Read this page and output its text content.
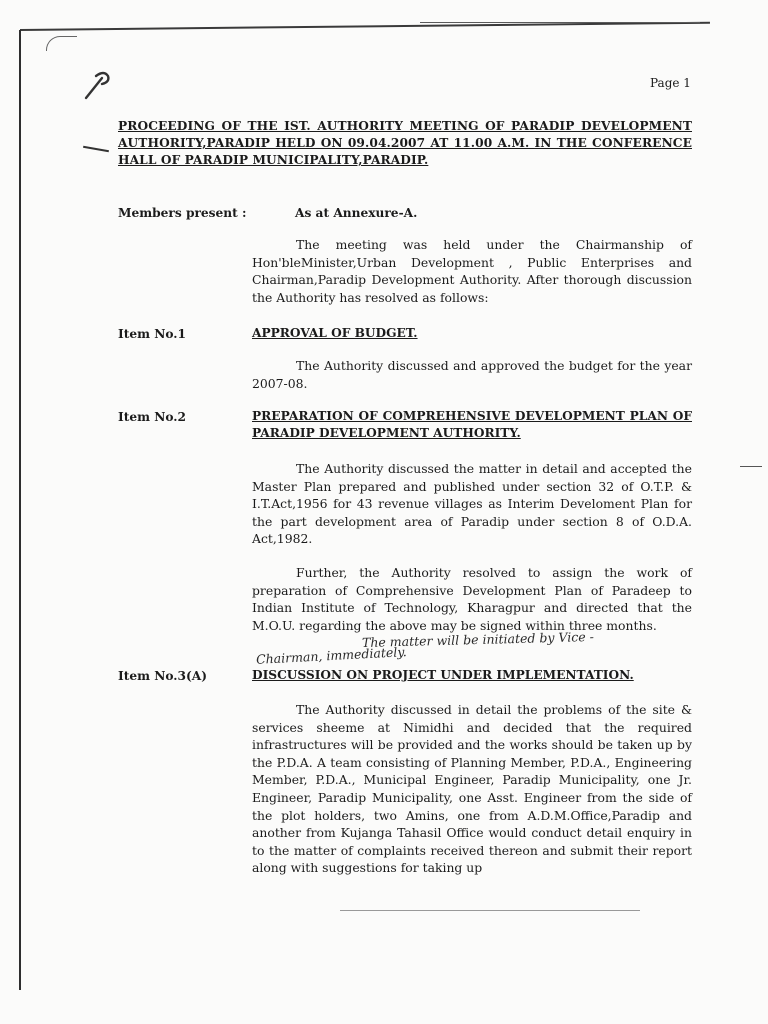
Page 1
PROCEEDING OF THE IST. AUTHORITY MEETING OF PARADIP DEVELOPMENT AUTHORITY,PARADIP HELD ON 09.04.2007 AT 11.00 A.M. IN THE CONFERENCE HALL OF PARADIP MUNICIPALITY,PARADIP.
Members present :	As at Annexure-A.

The meeting was held under the Chairmanship of Hon'bleMinister,Urban Development , Public Enterprises and Chairman,Paradip Development Authority. After thorough discussion the Authority has resolved as follows:

Item No.1	APPROVAL OF BUDGET.

The Authority discussed and approved the budget for the year 2007-08.

Item No.2	PREPARATION OF COMPREHENSIVE DEVELOPMENT PLAN OF PARADIP DEVELOPMENT AUTHORITY.

The Authority discussed the matter in detail and accepted the Master Plan prepared and published under section 32 of O.T.P. & I.T.Act,1956 for 43 revenue villages as Interim Develoment Plan for the part development area of Paradip under section 8 of O.D.A. Act,1982.

Further, the Authority resolved to assign the work of preparation of Comprehensive Development Plan of Paradeep to Indian Institute of Technology, Kharagpur and directed that the M.O.U. regarding the above may be signed within three months.

The matter will be initiated by Vice -
Chairman, immediately.
Item No.3(A)	DISCUSSION ON PROJECT UNDER IMPLEMENTATION.

The Authority discussed in detail the problems of the site & services sheeme at Nimidhi and decided that the required infrastructures will be provided and the works should be taken up by the P.D.A. A team consisting of Planning Member, P.D.A., Engineering Member, P.D.A., Municipal Engineer, Paradip Municipality, one Jr. Engineer, Paradip Municipality, one Asst. Engineer from the side of the plot holders, two Amins, one from A.D.M.Office,Paradip and another from Kujanga Tahasil Office would conduct detail enquiry in to the matter of complaints received thereon and submit their report along with suggestions for taking up
